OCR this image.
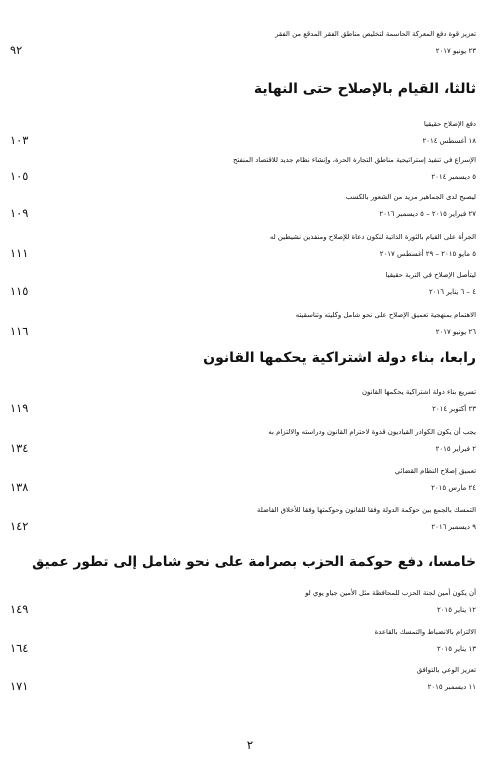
تعزيز قوة دفع المعركة الحاسمة لتخليص مناطق الفقر المدقع من الفقر
٢٣ يونيو ٢٠١٧
٩٢
ثالثا، القيام بالإصلاح حتى النهاية
دفع الإصلاح حقيقيا
١٨ أغسطس ٢٠١٤
١٠٣
الإسراع في تنفيذ إستراتيجية مناطق التجارة الحرة، وإنشاء نظام جديد للاقتصاد المنفتح
٥ ديسمبر ٢٠١٤
١٠٥
ليصبح لدى الجماهير مزيد من الشعور بالكسب
٢٧ فبراير ٢٠١٥ – ٥ ديسمبر ٢٠١٦
١٠٩
الجرأة على القيام بالثورة الذاتية لنكون دعاة للإصلاح ومنفذين نشيطين له
٥ مايو ٢٠١٥ – ٢٩ أغسطس ٢٠١٧
١١١
ليتأصل الإصلاح في التربة حقيقيا
٤ – ٦ يناير ٢٠١٦
١١٥
الاهتمام بمنهجية تعميق الإصلاح على نحو شامل وكليته وتناسقيته
٢٦ يونيو ٢٠١٧
١١٦
رابعا، بناء دولة اشتراكية يحكمها القانون
تسريع بناء دولة اشتراكية يحكمها القانون
٢٣ أكتوبر ٢٠١٤
١١٩
يجب أن يكون الكوادر القياديون قدوة لاحترام القانون ودراسته والالتزام به
٢ فبراير ٢٠١٥
١٣٤
تعميق إصلاح النظام القضائي
٢٤ مارس ٢٠١٥
١٣٨
التمسك بالجمع بين حوكمة الدولة وفقا للقانون وحوكمتها وفقا للأخلاق الفاضلة
٩ ديسمبر ٢٠١٦
١٤٢
خامسا، دفع حوكمة الحزب بصرامة على نحو شامل إلى تطور عميق
أن يكون أمين لجنة الحزب للمحافظة مثل الأمين جياو يوي لو
١٢ يناير ٢٠١٥
١٤٩
الالتزام بالانضباط والتمسك بالقاعدة
١٣ يناير ٢٠١٥
١٦٤
تعزيز الوعي بالتوافق
١١ ديسمبر ٢٠١٥
١٧١
٢
